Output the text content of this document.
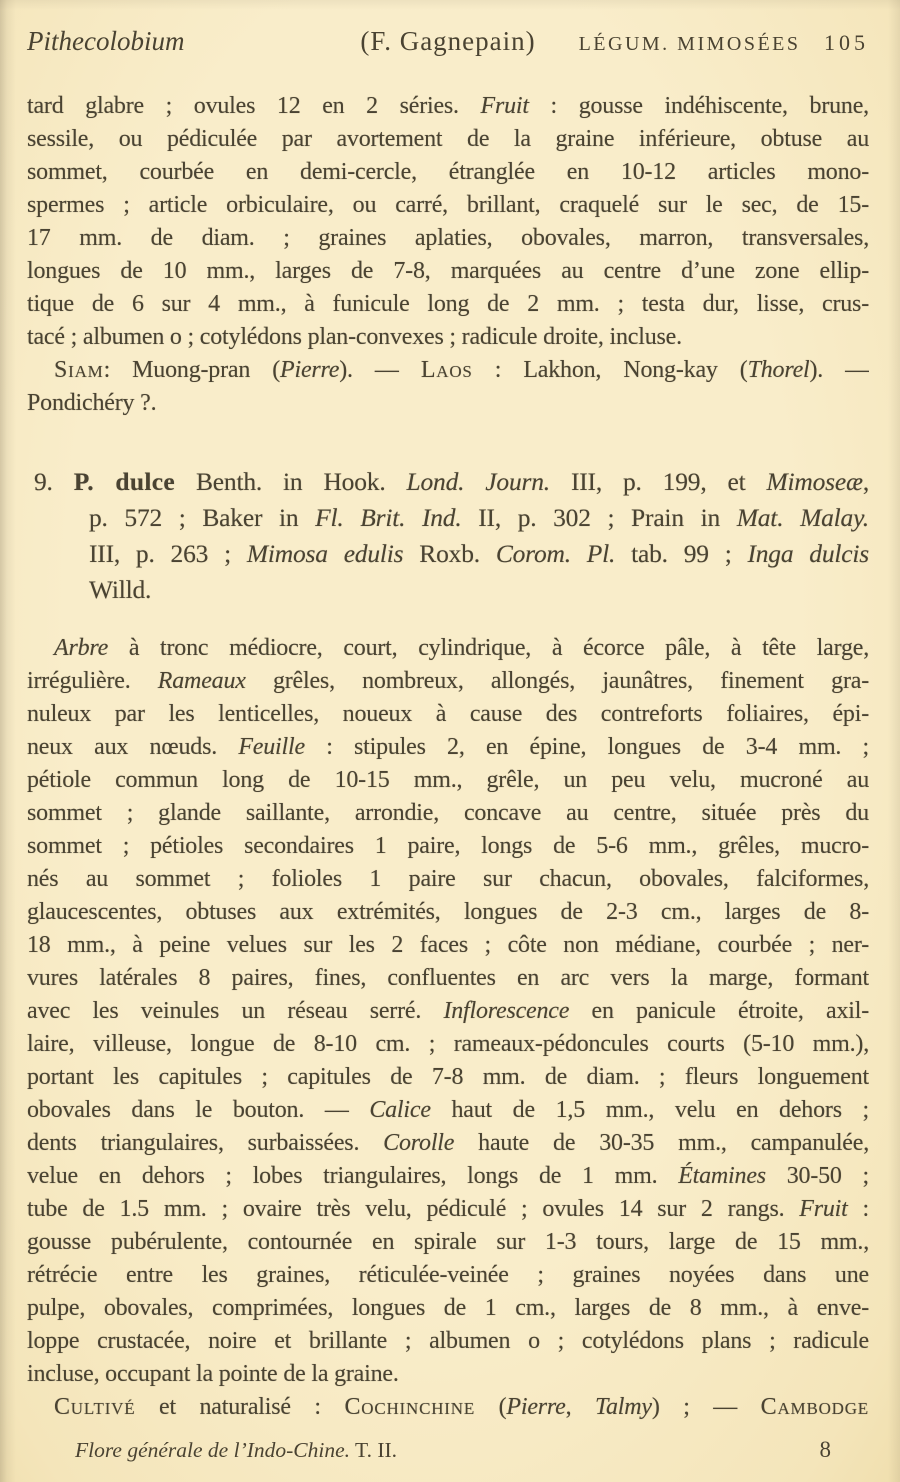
Pithecolobium	(F. Gagnepain)	LÉGUM. MIMOSÉES 105
tard glabre ; ovules 12 en 2 séries. Fruit : gousse indéhiscente, brune,
sessile, ou pédiculée par avortement de la graine inférieure, obtuse au
sommet, courbée en demi-cercle, étranglée en 10-12 articles mono-
spermes ; article orbiculaire, ou carré, brillant, craquelé sur le sec, de 15-
17 mm. de diam. ; graines aplaties, obovales, marron, transversales,
longues de 10 mm., larges de 7-8, marquées au centre d’une zone ellip-
tique de 6 sur 4 mm., à funicule long de 2 mm. ; testa dur, lisse, crus-
tacé ; albumen o ; cotylédons plan-convexes ; radicule droite, incluse.
Siam: Muong-pran (Pierre). — Laos : Lakhon, Nong-kay (Thorel). —
Pondichéry ?.
9. P. dulce Benth. in Hook. Lond. Journ. III, p. 199, et Mimoseæ,
p. 572 ; Baker in Fl. Brit. Ind. II, p. 302 ; Prain in Mat. Malay.
III, p. 263 ; Mimosa edulis Roxb. Corom. Pl. tab. 99 ; Inga dulcis
Willd.
Arbre à tronc médiocre, court, cylindrique, à écorce pâle, à tête large,
irrégulière. Rameaux grêles, nombreux, allongés, jaunâtres, finement gra-
nuleux par les lenticelles, noueux à cause des contreforts foliaires, épi-
neux aux nœuds. Feuille : stipules 2, en épine, longues de 3-4 mm. ;
pétiole commun long de 10-15 mm., grêle, un peu velu, mucroné au
sommet ; glande saillante, arrondie, concave au centre, située près du
sommet ; pétioles secondaires 1 paire, longs de 5-6 mm., grêles, mucro-
nés au sommet ; folioles 1 paire sur chacun, obovales, falciformes,
glaucescentes, obtuses aux extrémités, longues de 2-3 cm., larges de 8-
18 mm., à peine velues sur les 2 faces ; côte non médiane, courbée ; ner-
vures latérales 8 paires, fines, confluentes en arc vers la marge, formant
avec les veinules un réseau serré. Inflorescence en panicule étroite, axil-
laire, villeuse, longue de 8-10 cm. ; rameaux-pédoncules courts (5-10 mm.),
portant les capitules ; capitules de 7-8 mm. de diam. ; fleurs longuement
obovales dans le bouton. — Calice haut de 1,5 mm., velu en dehors ;
dents triangulaires, surbaissées. Corolle haute de 30-35 mm., campanulée,
velue en dehors ; lobes triangulaires, longs de 1 mm. Étamines 30-50 ;
tube de 1.5 mm. ; ovaire très velu, pédiculé ; ovules 14 sur 2 rangs. Fruit :
gousse pubérulente, contournée en spirale sur 1-3 tours, large de 15 mm.,
rétrécie entre les graines, réticulée-veinée ; graines noyées dans une
pulpe, obovales, comprimées, longues de 1 cm., larges de 8 mm., à enve-
loppe crustacée, noire et brillante ; albumen o ; cotylédons plans ; radicule
incluse, occupant la pointe de la graine.
Cultivé et naturalisé : Cochinchine (Pierre, Talmy) ; — Cambodge
Flore générale de l’Indo-Chine. T. II.	8
